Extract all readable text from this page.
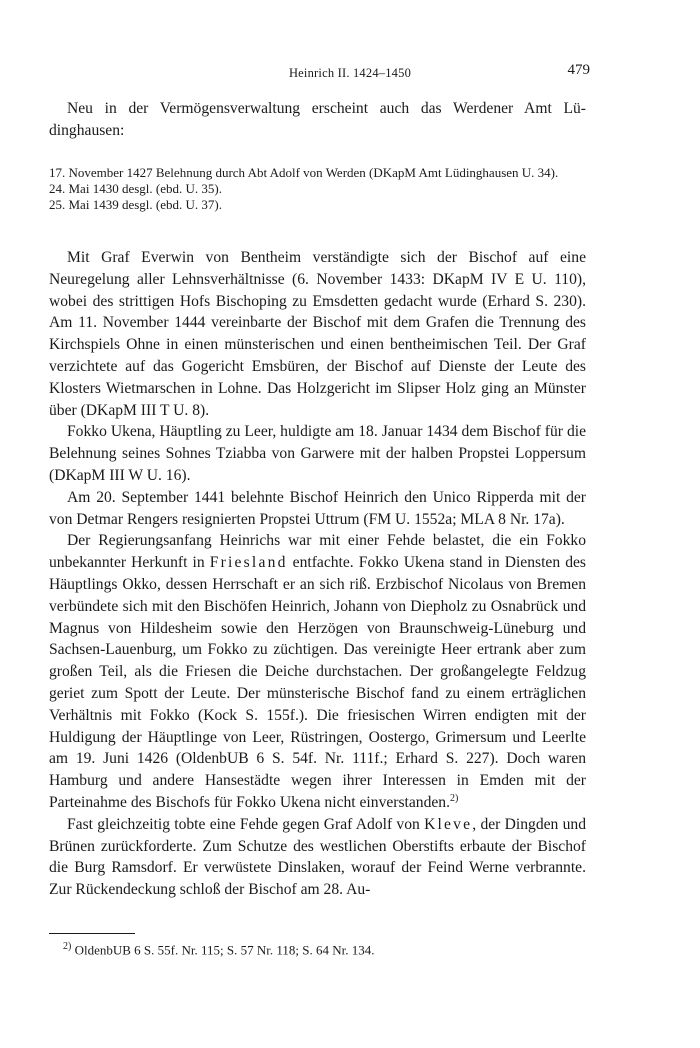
Heinrich II. 1424–1450	479

Neu in der Vermögensverwaltung erscheint auch das Werdener Amt Lüdinghausen:

17. November 1427 Belehnung durch Abt Adolf von Werden (DKapM Amt Lüdinghausen U. 34).

24. Mai 1430 desgl. (ebd. U. 35).

25. Mai 1439 desgl. (ebd. U. 37).

Mit Graf Everwin von Bentheim verständigte sich der Bischof auf eine Neuregelung aller Lehnsverhältnisse (6. November 1433: DKapM IV E U. 110), wobei des strittigen Hofs Bischoping zu Emsdetten gedacht wurde (Erhard S. 230). Am 11. November 1444 vereinbarte der Bischof mit dem Grafen die Trennung des Kirchspiels Ohne in einen münsterischen und einen bentheimischen Teil. Der Graf verzichtete auf das Gogericht Emsbüren, der Bischof auf Dienste der Leute des Klosters Wietmarschen in Lohne. Das Holzgericht im Slipser Holz ging an Münster über (DKapM III T U. 8).

Fokko Ukena, Häuptling zu Leer, huldigte am 18. Januar 1434 dem Bischof für die Belehnung seines Sohnes Tziabba von Garwere mit der halben Propstei Loppersum (DKapM III W U. 16).

Am 20. September 1441 belehnte Bischof Heinrich den Unico Ripperda mit der von Detmar Rengers resignierten Propstei Uttrum (FM U. 1552a; MLA 8 Nr. 17a).

Der Regierungsanfang Heinrichs war mit einer Fehde belastet, die ein Fokko unbekannter Herkunft in Friesland entfachte. Fokko Ukena stand in Diensten des Häuptlings Okko, dessen Herrschaft er an sich riß. Erzbischof Nicolaus von Bremen verbündete sich mit den Bischöfen Heinrich, Johann von Diepholz zu Osnabrück und Magnus von Hildesheim sowie den Herzögen von Braunschweig-Lüneburg und Sachsen-Lauenburg, um Fokko zu züchtigen. Das vereinigte Heer ertrank aber zum großen Teil, als die Friesen die Deiche durchstachen. Der großangelegte Feldzug geriet zum Spott der Leute. Der münsterische Bischof fand zu einem erträglichen Verhältnis mit Fokko (Kock S. 155f.). Die friesischen Wirren endigten mit der Huldigung der Häuptlinge von Leer, Rüstringen, Oostergo, Grimersum und Leerlte am 19. Juni 1426 (OldenbUB 6 S. 54f. Nr. 111f.; Erhard S. 227). Doch waren Hamburg und andere Hansestädte wegen ihrer Interessen in Emden mit der Parteinahme des Bischofs für Fokko Ukena nicht einverstanden.$^{2)}$

Fast gleichzeitig tobte eine Fehde gegen Graf Adolf von Kleve, der Dingden und Brünen zurückforderte. Zum Schutze des westlichen Oberstifts erbaute der Bischof die Burg Ramsdorf. Er verwüstete Dinslaken, worauf der Feind Werne verbrannte. Zur Rückendeckung schloß der Bischof am 28. Au-

$^{2)}$ OldenbUB 6 S. 55f. Nr. 115; S. 57 Nr. 118; S. 64 Nr. 134.
